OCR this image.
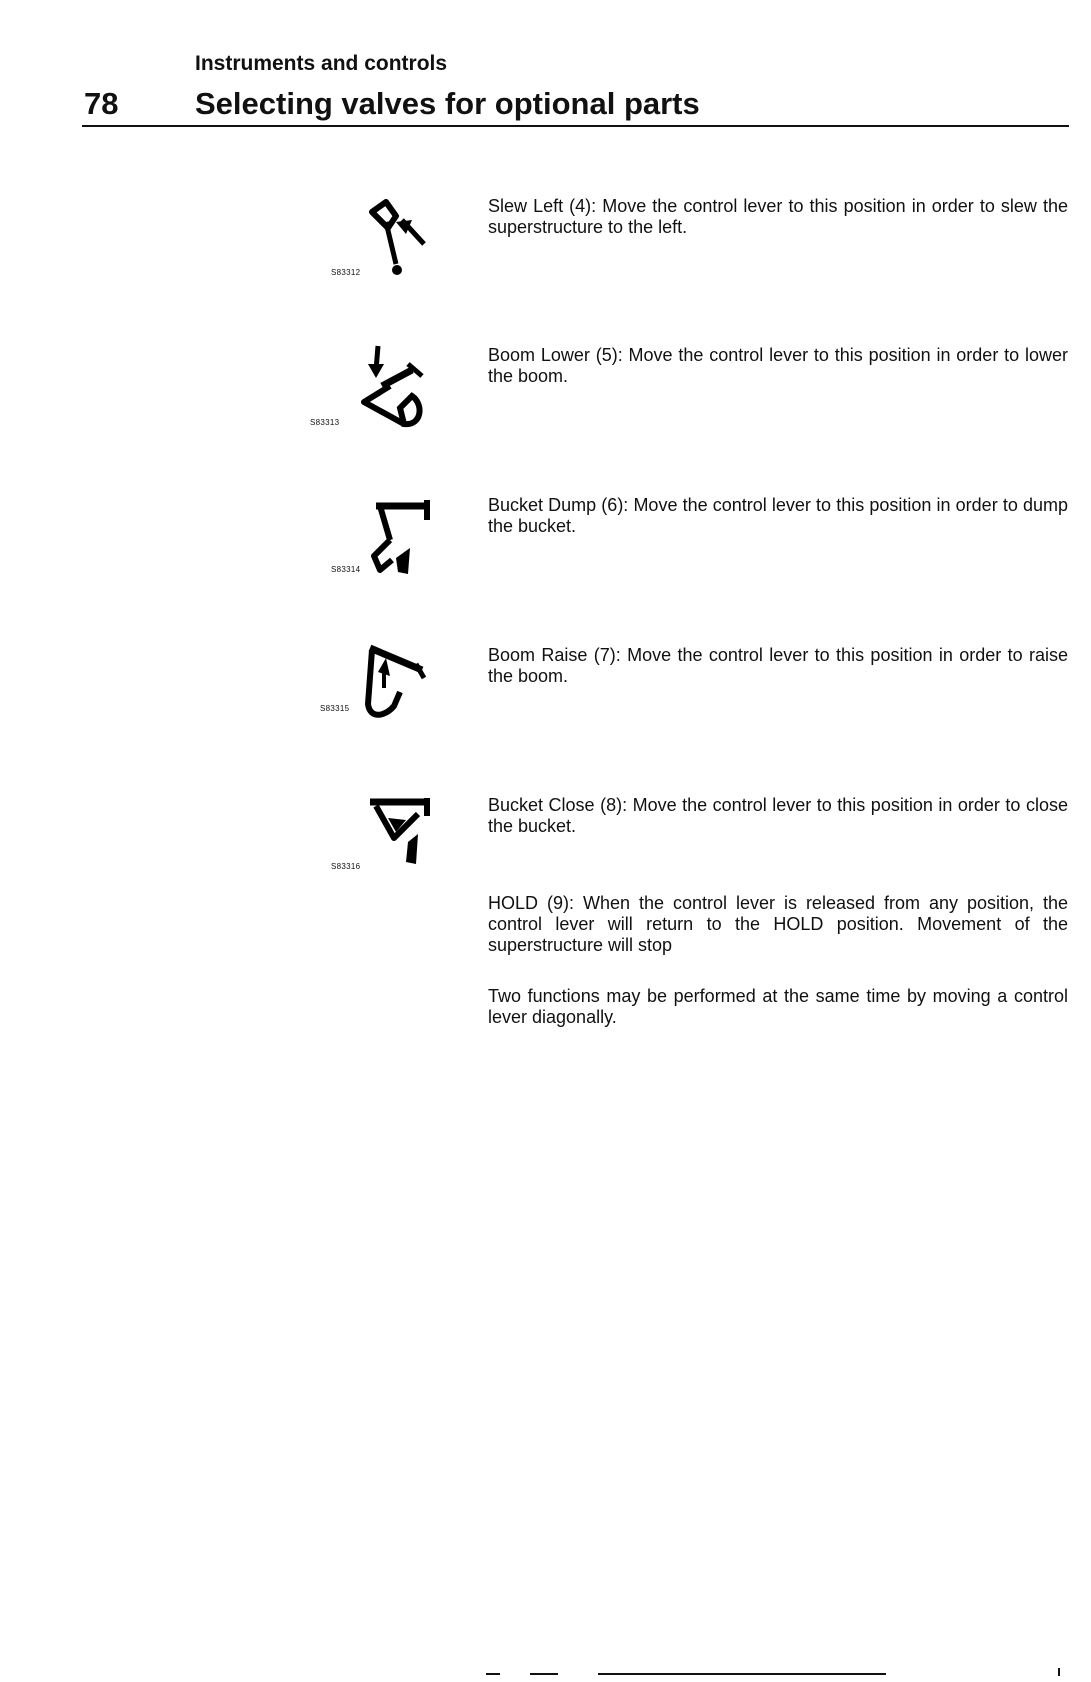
Instruments and controls
78 Selecting valves for optional parts
S83312
Slew Left (4): Move the control lever to this position in order to slew the superstructure to the left.
S83313
Boom Lower (5): Move the control lever to this position in order to lower the boom.
S83314
Bucket Dump (6): Move the control lever to this position in order to dump the bucket.
S83315
Boom Raise (7): Move the control lever to this position in order to raise the boom.
S83316
Bucket Close (8): Move the control lever to this position in order to close the bucket.
HOLD (9): When the control lever is released from any position, the control lever will return to the HOLD position. Movement of the superstructure will stop
Two functions may be performed at the same time by moving a control lever diagonally.
